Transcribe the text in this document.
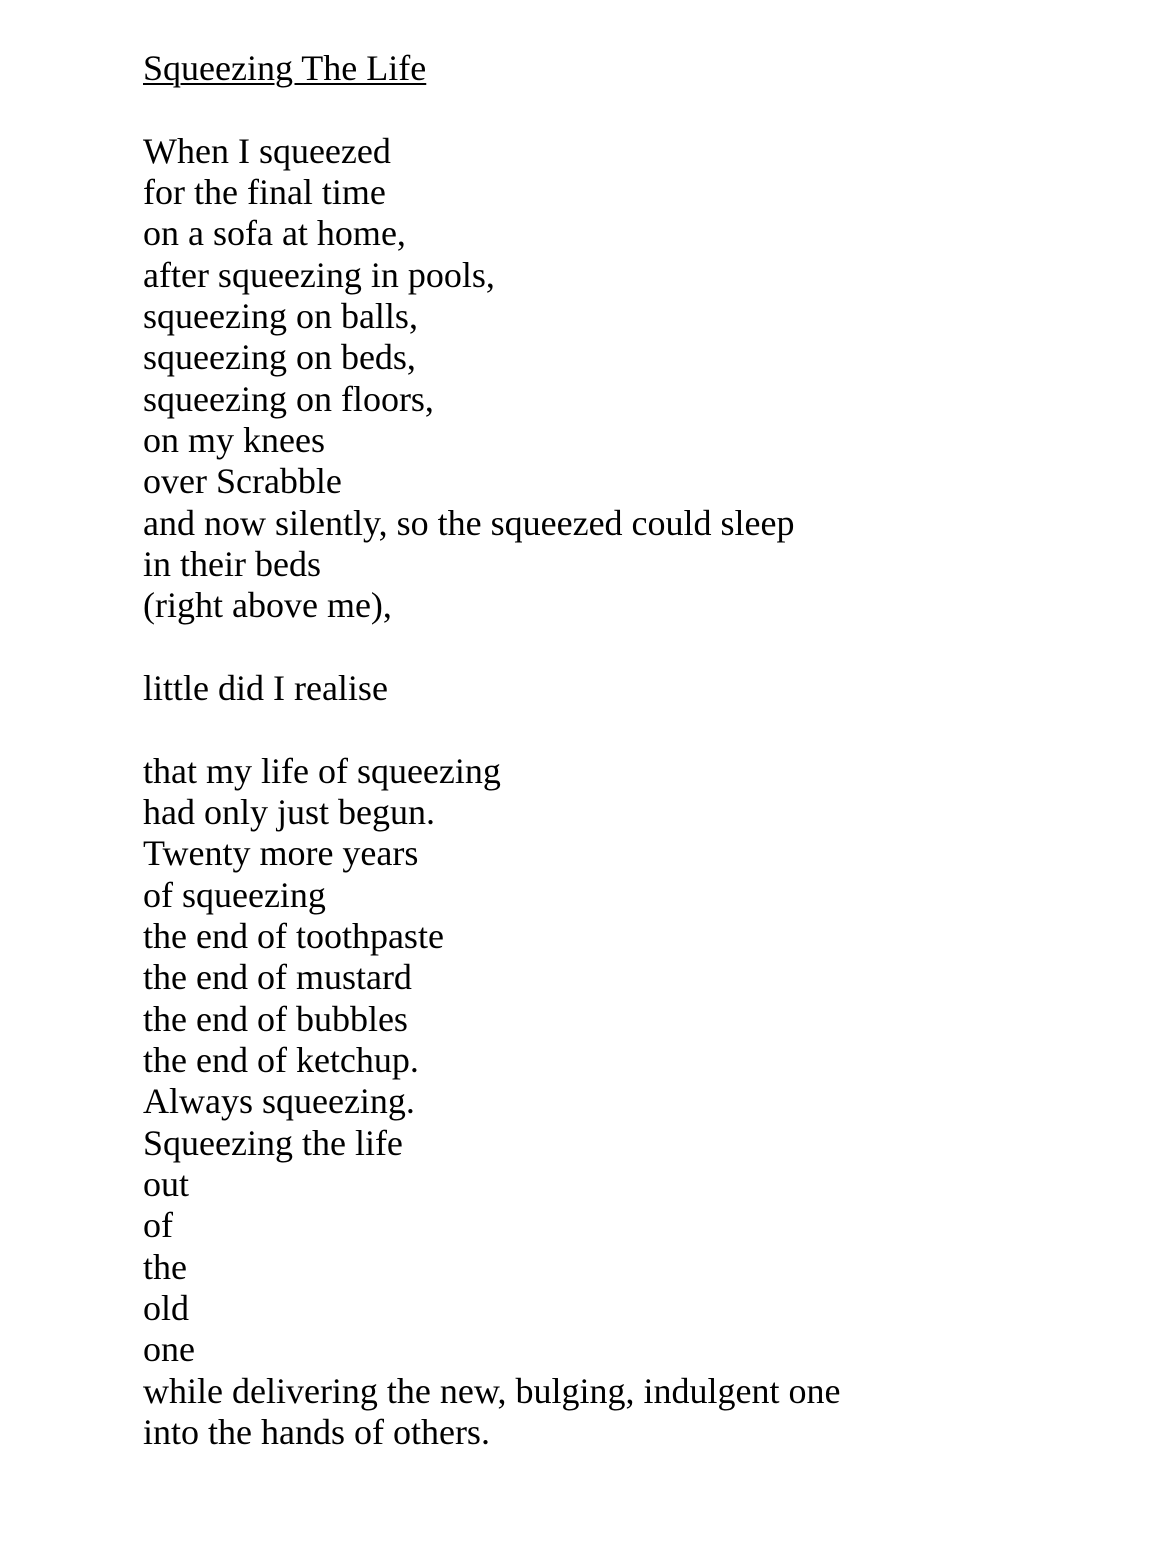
Squeezing The Life
When I squeezed
for the final time
on a sofa at home,
after squeezing in pools,
squeezing on balls,
squeezing on beds,
squeezing on floors,
on my knees
over Scrabble
and now silently, so the squeezed could sleep
in their beds
(right above me),
little did I realise
that my life of squeezing
had only just begun.
Twenty more years
of squeezing
the end of toothpaste
the end of mustard
the end of bubbles
the end of ketchup.
Always squeezing.
Squeezing the life
out
of
the
old
one
while delivering the new, bulging, indulgent one
into the hands of others.
